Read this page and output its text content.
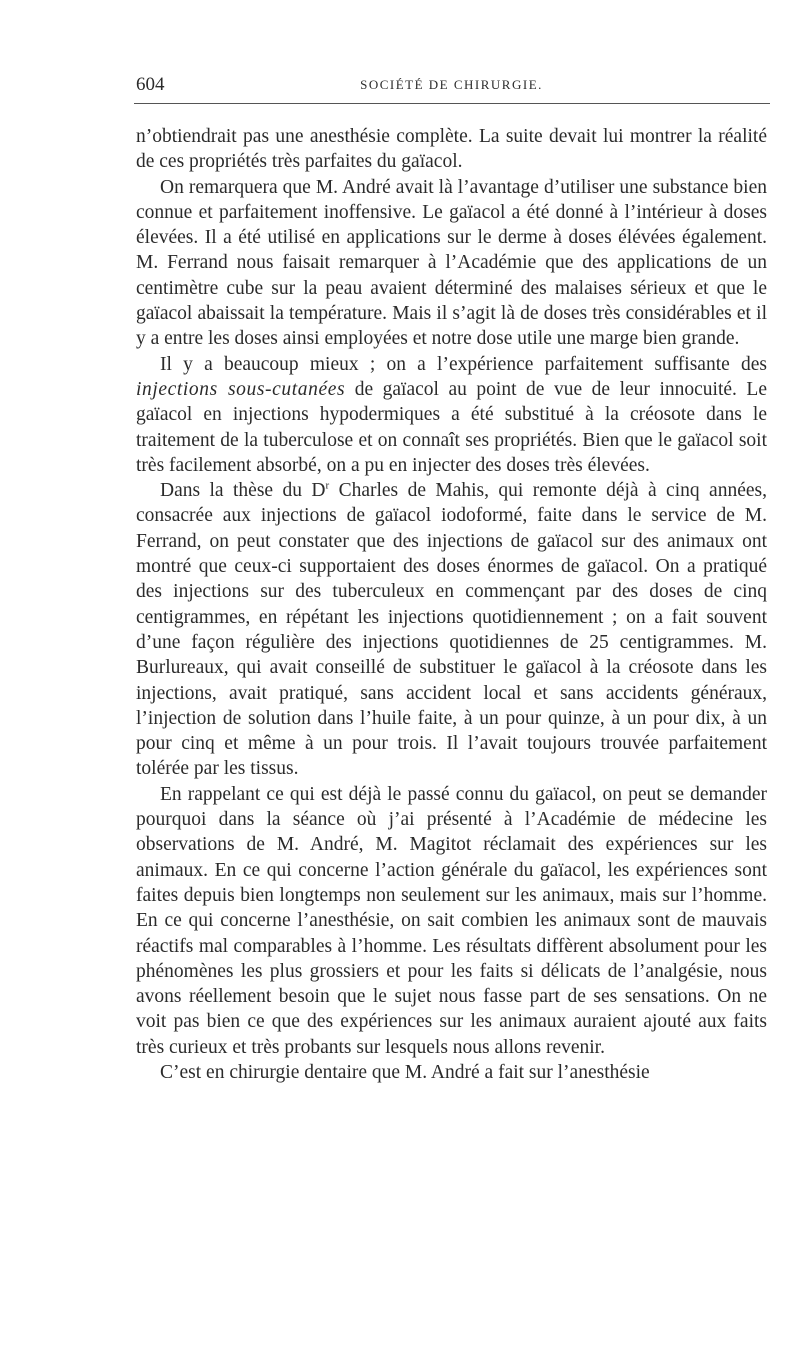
604	SOCIÉTÉ DE CHIRURGIE.

n’obtiendrait pas une anesthésie complète. La suite devait lui montrer la réalité de ces propriétés très parfaites du gaïacol.

On remarquera que M. André avait là l’avantage d’utiliser une substance bien connue et parfaitement inoffensive. Le gaïacol a été donné à l’intérieur à doses élevées. Il a été utilisé en applications sur le derme à doses élévées également. M. Ferrand nous faisait remarquer à l’Académie que des applications de un centimètre cube sur la peau avaient déterminé des malaises sérieux et que le gaïacol abaissait la température. Mais il s’agit là de doses très considérables et il y a entre les doses ainsi employées et notre dose utile une marge bien grande.

Il y a beaucoup mieux ; on a l’expérience parfaitement suffisante des injections sous-cutanées de gaïacol au point de vue de leur innocuité. Le gaïacol en injections hypodermiques a été substitué à la créosote dans le traitement de la tuberculose et on connaît ses propriétés. Bien que le gaïacol soit très facilement absorbé, on a pu en injecter des doses très élevées.

Dans la thèse du $D^r$ Charles de Mahis, qui remonte déjà à cinq années, consacrée aux injections de gaïacol iodoformé, faite dans le service de M. Ferrand, on peut constater que des injections de gaïacol sur des animaux ont montré que ceux-ci supportaient des doses énormes de gaïacol. On a pratiqué des injections sur des tuberculeux en commençant par des doses de cinq centigrammes, en répétant les injections quotidiennement ; on a fait souvent d’une façon régulière des injections quotidiennes de 25 centigrammes. M. Burlureaux, qui avait conseillé de substituer le gaïacol à la créosote dans les injections, avait pratiqué, sans accident local et sans accidents généraux, l’injection de solution dans l’huile faite, à un pour quinze, à un pour dix, à un pour cinq et même à un pour trois. Il l’avait toujours trouvée parfaitement tolérée par les tissus.

En rappelant ce qui est déjà le passé connu du gaïacol, on peut se demander pourquoi dans la séance où j’ai présenté à l’Académie de médecine les observations de M. André, M. Magitot réclamait des expériences sur les animaux. En ce qui concerne l’action générale du gaïacol, les expériences sont faites depuis bien longtemps non seulement sur les animaux, mais sur l’homme. En ce qui concerne l’anesthésie, on sait combien les animaux sont de mauvais réactifs mal comparables à l’homme. Les résultats diffèrent absolument pour les phénomènes les plus grossiers et pour les faits si délicats de l’analgésie, nous avons réellement besoin que le sujet nous fasse part de ses sensations. On ne voit pas bien ce que des expériences sur les animaux auraient ajouté aux faits très curieux et très probants sur lesquels nous allons revenir.

C’est en chirurgie dentaire que M. André a fait sur l’anesthésie
